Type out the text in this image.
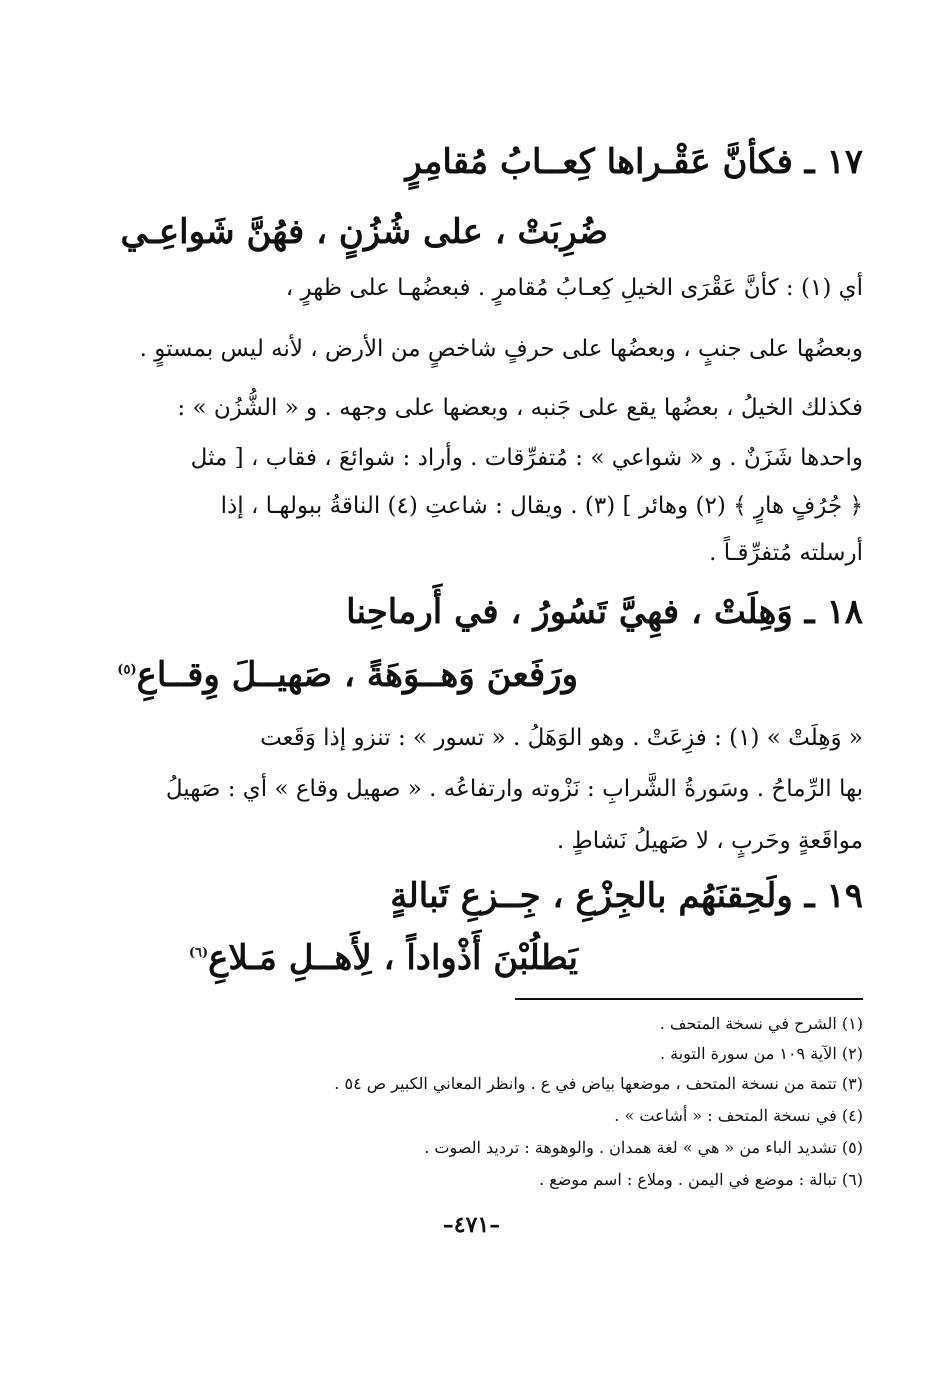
١٧ ـ فكأنَّ عَقْـراها كِعــابُ مُقامِرٍ
ضُرِبَتْ ، على شُزُنٍ ، فهُنَّ شَواعِـي
أي (١) : كأنَّ عَقْرَى الخيلِ كِعـابُ مُقامرٍ . فبعضُهـا على ظهرٍ ،
وبعضُها على جنبٍ ، وبعضُها على حرفٍ شاخصٍ من الأرض ، لأنه ليس بمستوٍ .
فكذلك الخيلُ ، بعضُها يقع على جَنبه ، وبعضها على وجهه . و « الشُّزُن » :
واحدها شَزَنٌ . و « شواعي » : مُتفرِّقات . وأراد : شوائعَ ، فقاب ، [ مثل
﴿ جُرُفٍ هارٍ ﴾ (٢) وهائر ] (٣) . ويقال : شاعتِ (٤) الناقةُ ببولهـا ، إذا
أرسلته مُتفرِّقـاً .
١٨ ـ وَهِلَتْ ، فهِيَّ تَسُورُ ، في أَرماحِنا
ورَفَعنَ وَهــوَهَةً ، صَهيــلَ وِقــاعِ$^{(٥)}$
« وَهِلَتْ » (١) : فزِعَتْ . وهو الوَهَلُ . « تسور » : تنزو إذا وَقَعت
بها الرِّماحُ . وسَورةُ الشَّرابِ : نَزْوته وارتفاعُه . « صهيل وقاع » أي : صَهيلُ
مواقَعةٍ وحَربٍ ، لا صَهيلُ نَشاطٍ .
١٩ ـ ولَحِقنَهُم بالجِزْعِ ، جِــزعِ تَبالةٍ
يَطلُبْنَ أَذْواداً ، لِأَهــلِ مَـلاعِ$^{(٦)}$
(١) الشرح في نسخة المتحف .
(٢) الآية ١٠٩ من سورة التوبة .
(٣) تتمة من نسخة المتحف ، موضعها بياض في ع . وانظر المعاني الكبير ص ٥٤ .
(٤) في نسخة المتحف : « أشاعت » .
(٥) تشديد الباء من « هي » لغة همدان . والوهوهة : ترديد الصوت .
(٦) تبالة : موضع في اليمن . وملاع : اسم موضع .
–٤٧١–
